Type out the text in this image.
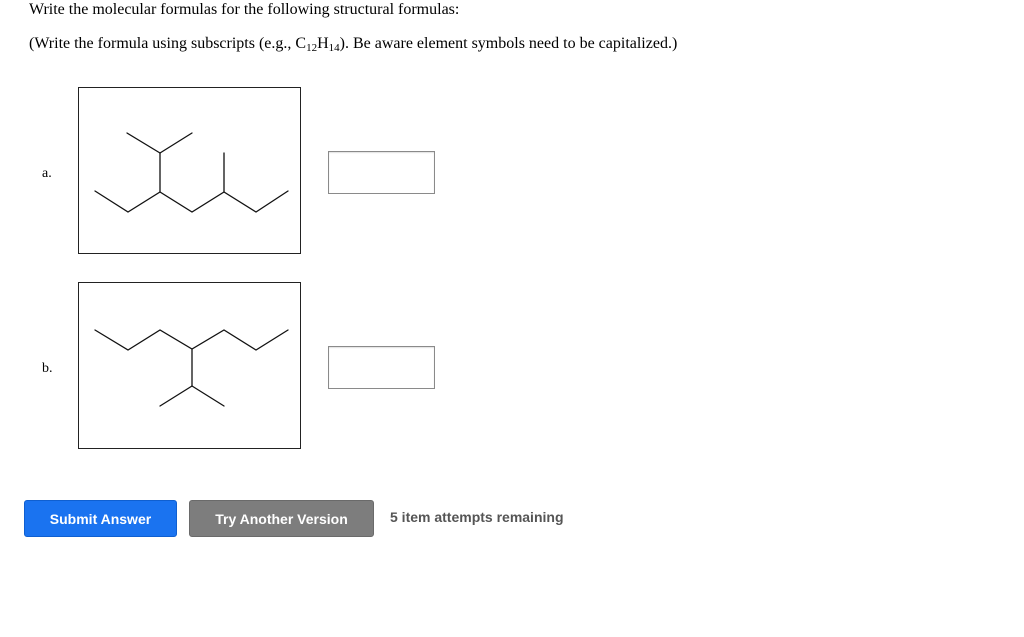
Write the molecular formulas for the following structural formulas:
(Write the formula using subscripts (e.g., $C_{12}H_{14}$). Be aware element symbols need to be capitalized.)
a.
b.
Submit Answer	Try Another Version	5 item attempts remaining
